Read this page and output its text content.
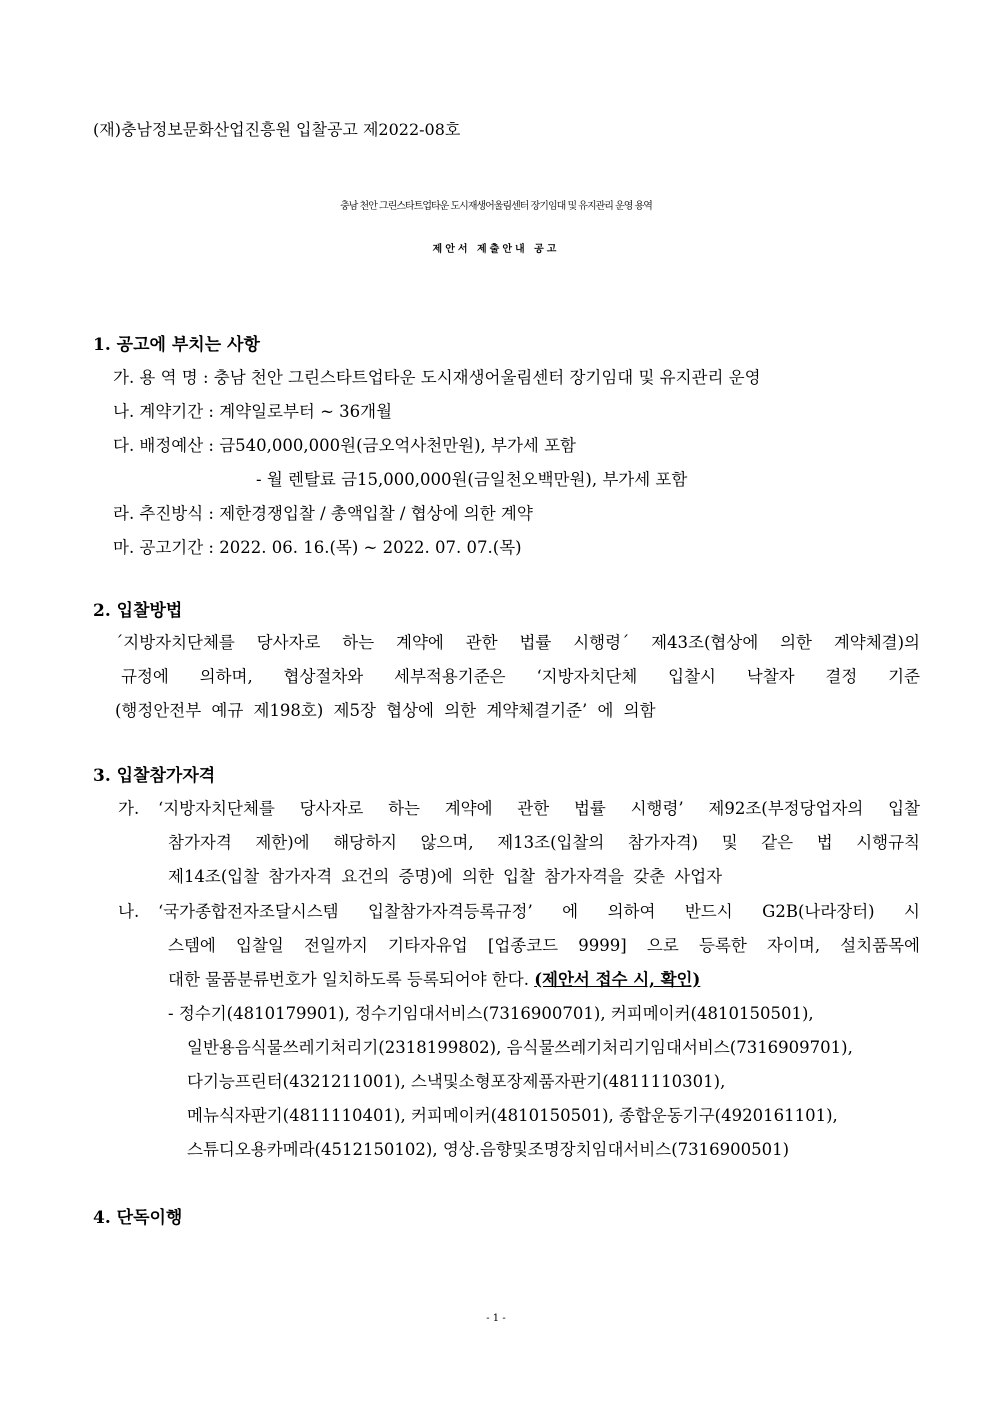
(재)충남정보문화산업진흥원 입찰공고 제2022-08호
충남 천안 그린스타트업타운 도시재생어울림센터 장기임대 및 유지관리 운영 용역
제안서 제출안내 공고
1. 공고에 부치는 사항
가. 용 역 명 : 충남 천안 그린스타트업타운 도시재생어울림센터 장기임대 및 유지관리 운영
나. 계약기간 : 계약일로부터 ~ 36개월
다. 배정예산 : 금540,000,000원(금오억사천만원), 부가세 포함
- 월 렌탈료 금15,000,000원(금일천오백만원), 부가세 포함
라. 추진방식 : 제한경쟁입찰 / 총액입찰 / 협상에 의한 계약
마. 공고기간 : 2022. 06. 16.(목) ~ 2022. 07. 07.(목)
2. 입찰방법
´지방자치단체를 당사자로 하는 계약에 관한 법률 시행령´ 제43조(협상에 의한 계약체결)의
규정에 의하며, 협상절차와 세부적용기준은 ‘지방자치단체 입찰시 낙찰자 결정 기준
(행정안전부 예규 제198호) 제5장 협상에 의한 계약체결기준’ 에 의함
3. 입찰참가자격
가. ‘지방자치단체를 당사자로 하는 계약에 관한 법률 시행령’ 제92조(부정당업자의 입찰
참가자격 제한)에 해당하지 않으며, 제13조(입찰의 참가자격) 및 같은 법 시행규칙
제14조(입찰 참가자격 요건의 증명)에 의한 입찰 참가자격을 갖춘 사업자
나. ‘국가종합전자조달시스템 입찰참가자격등록규정’ 에 의하여 반드시 G2B(나라장터) 시
스템에 입찰일 전일까지 기타자유업 [업종코드 9999] 으로 등록한 자이며, 설치품목에
대한 물품분류번호가 일치하도록 등록되어야 한다. (제안서 접수 시, 확인)
- 정수기(4810179901), 정수기임대서비스(7316900701), 커피메이커(4810150501),
일반용음식물쓰레기처리기(2318199802), 음식물쓰레기처리기임대서비스(7316909701),
다기능프린터(4321211001), 스낵및소형포장제품자판기(4811110301),
메뉴식자판기(4811110401), 커피메이커(4810150501), 종합운동기구(4920161101),
스튜디오용카메라(4512150102), 영상.음향및조명장치임대서비스(7316900501)
4. 단독이행
- 1 -
